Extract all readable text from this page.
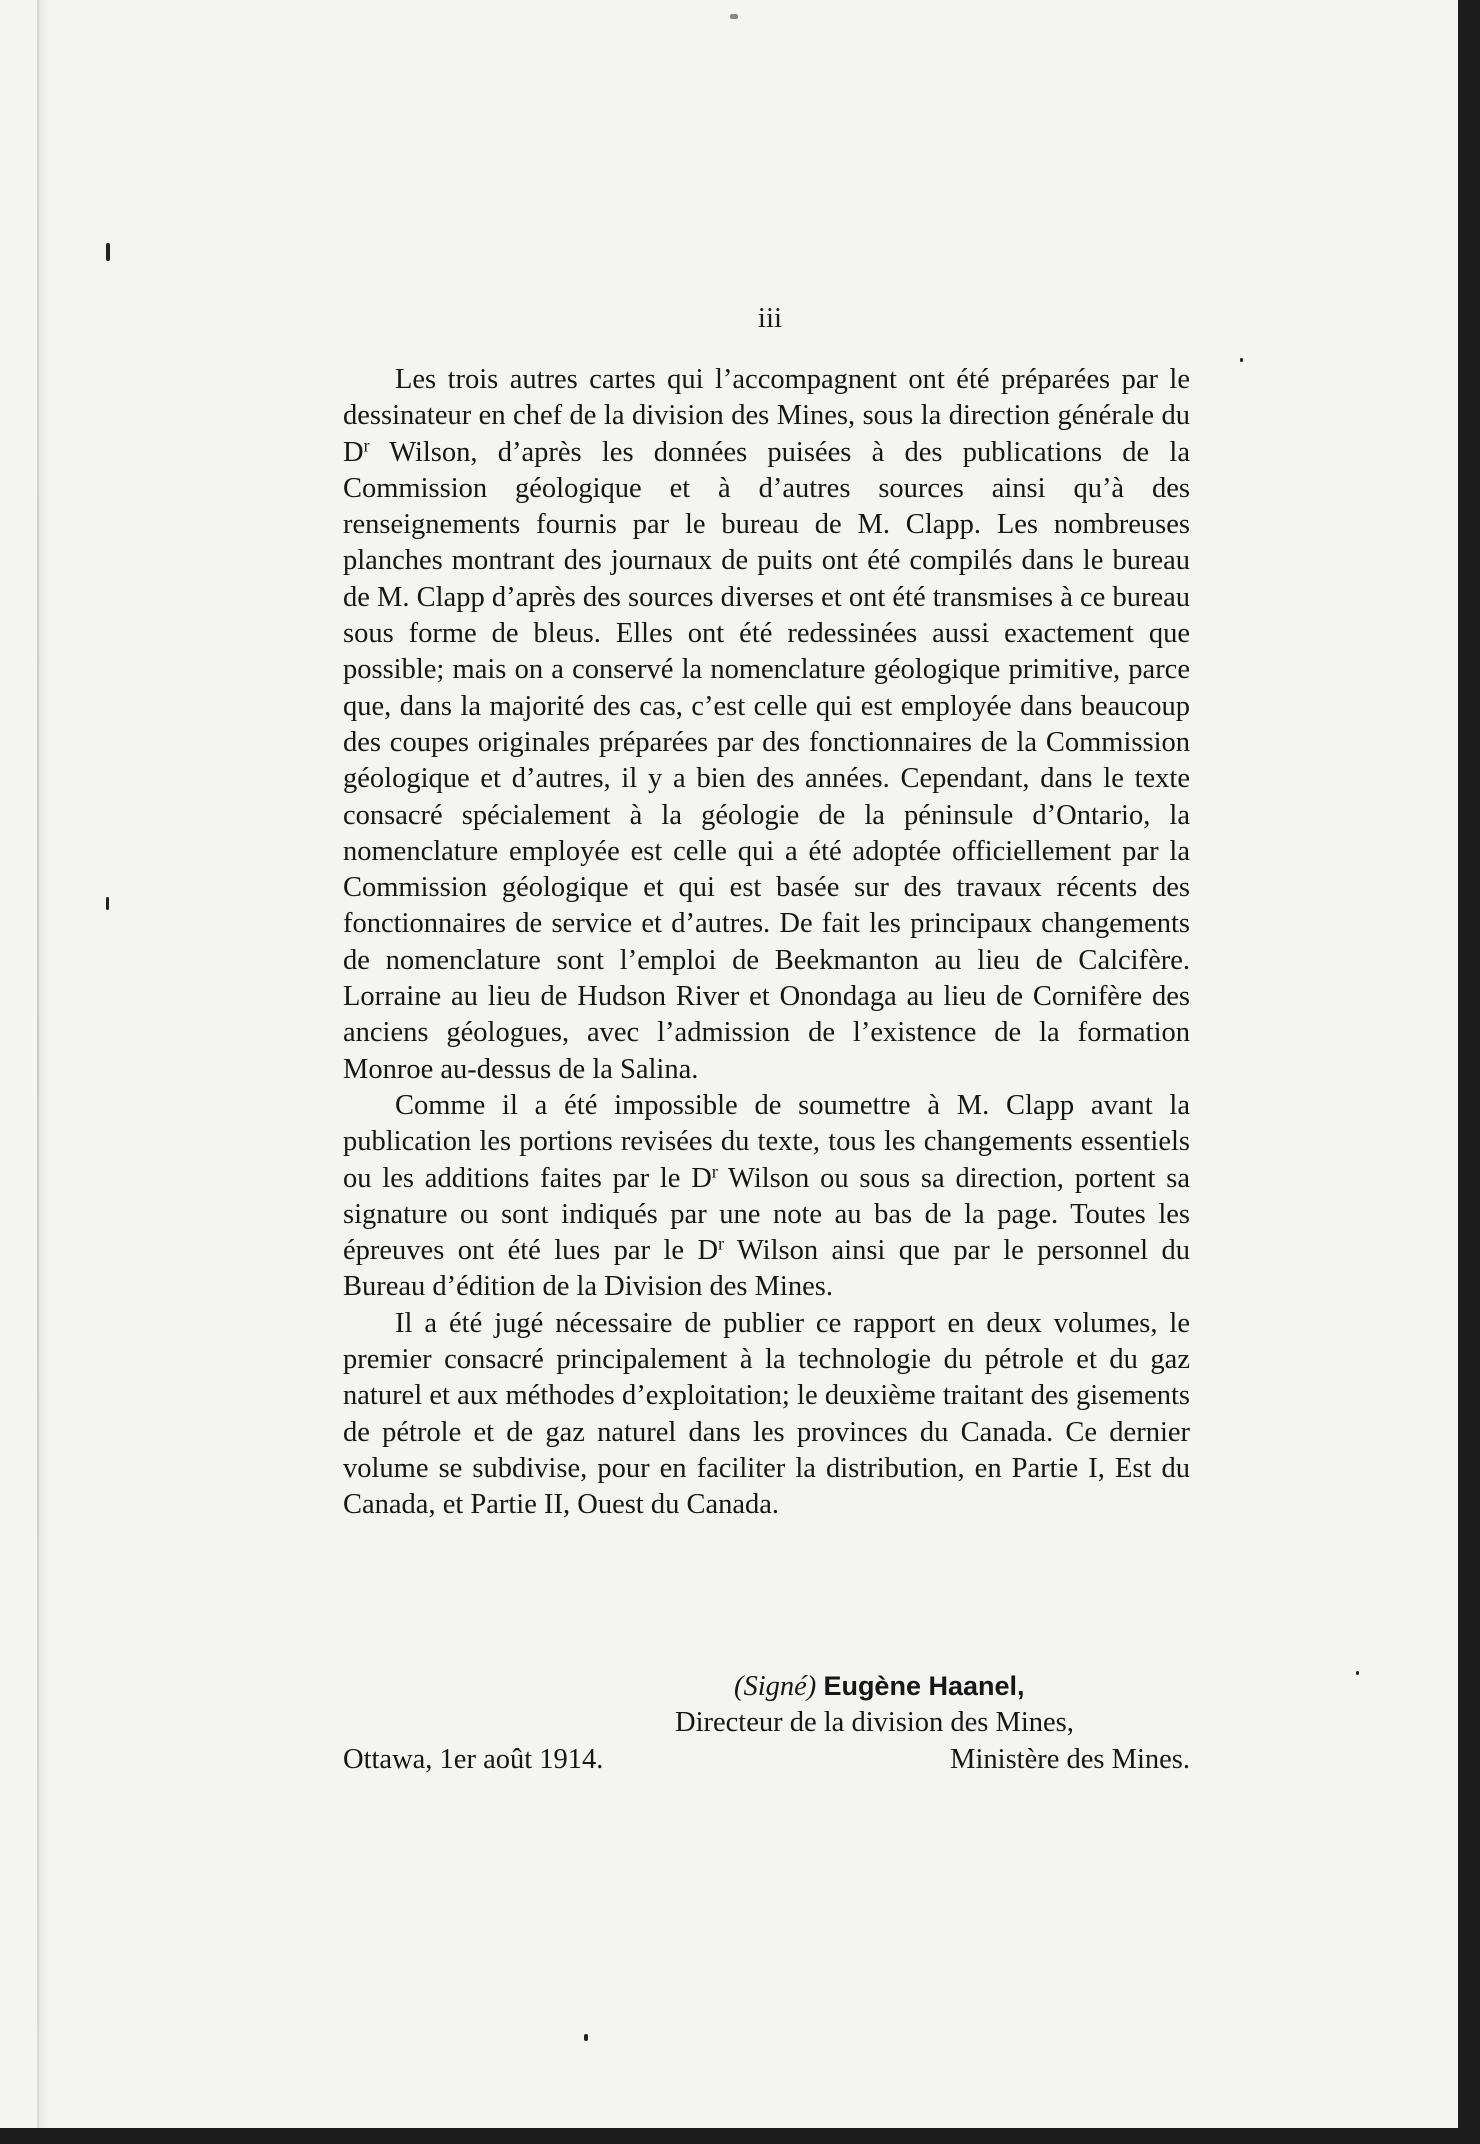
iii

Les trois autres cartes qui l’accompagnent ont été préparées par le dessinateur en chef de la division des Mines, sous la direction générale du $D^r$ Wilson, d’après les données puisées à des publications de la Commission géologique et à d’autres sources ainsi qu’à des renseignements fournis par le bureau de M. Clapp. Les nombreuses planches montrant des journaux de puits ont été compilés dans le bureau de M. Clapp d’après des sources diverses et ont été transmises à ce bureau sous forme de bleus. Elles ont été redessinées aussi exactement que possible; mais on a conservé la nomenclature géologique primitive, parce que, dans la majorité des cas, c’est celle qui est employée dans beaucoup des coupes originales préparées par des fonctionnaires de la Commission géologique et d’autres, il y a bien des années. Cependant, dans le texte consacré spécialement à la géologie de la péninsule d’Ontario, la nomenclature employée est celle qui a été adoptée officiellement par la Commission géologique et qui est basée sur des travaux récents des fonctionnaires de service et d’autres. De fait les principaux changements de nomenclature sont l’emploi de Beekmanton au lieu de Calcifère. Lorraine au lieu de Hudson River et Onondaga au lieu de Cornifère des anciens géologues, avec l’admission de l’existence de la formation Monroe au-dessus de la Salina.

Comme il a été impossible de soumettre à M. Clapp avant la publication les portions revisées du texte, tous les changements essentiels ou les additions faites par le $D^r$ Wilson ou sous sa direction, portent sa signature ou sont indiqués par une note au bas de la page. Toutes les épreuves ont été lues par le $D^r$ Wilson ainsi que par le personnel du Bureau d’édition de la Division des Mines.

Il a été jugé nécessaire de publier ce rapport en deux volumes, le premier consacré principalement à la technologie du pétrole et du gaz naturel et aux méthodes d’exploitation; le deuxième traitant des gisements de pétrole et de gaz naturel dans les provinces du Canada. Ce dernier volume se subdivise, pour en faciliter la distribution, en Partie I, Est du Canada, et Partie II, Ouest du Canada.

(Signé) Eugène Haanel,
Directeur de la division des Mines,
Ottawa, 1er août 1914.	Ministère des Mines.
